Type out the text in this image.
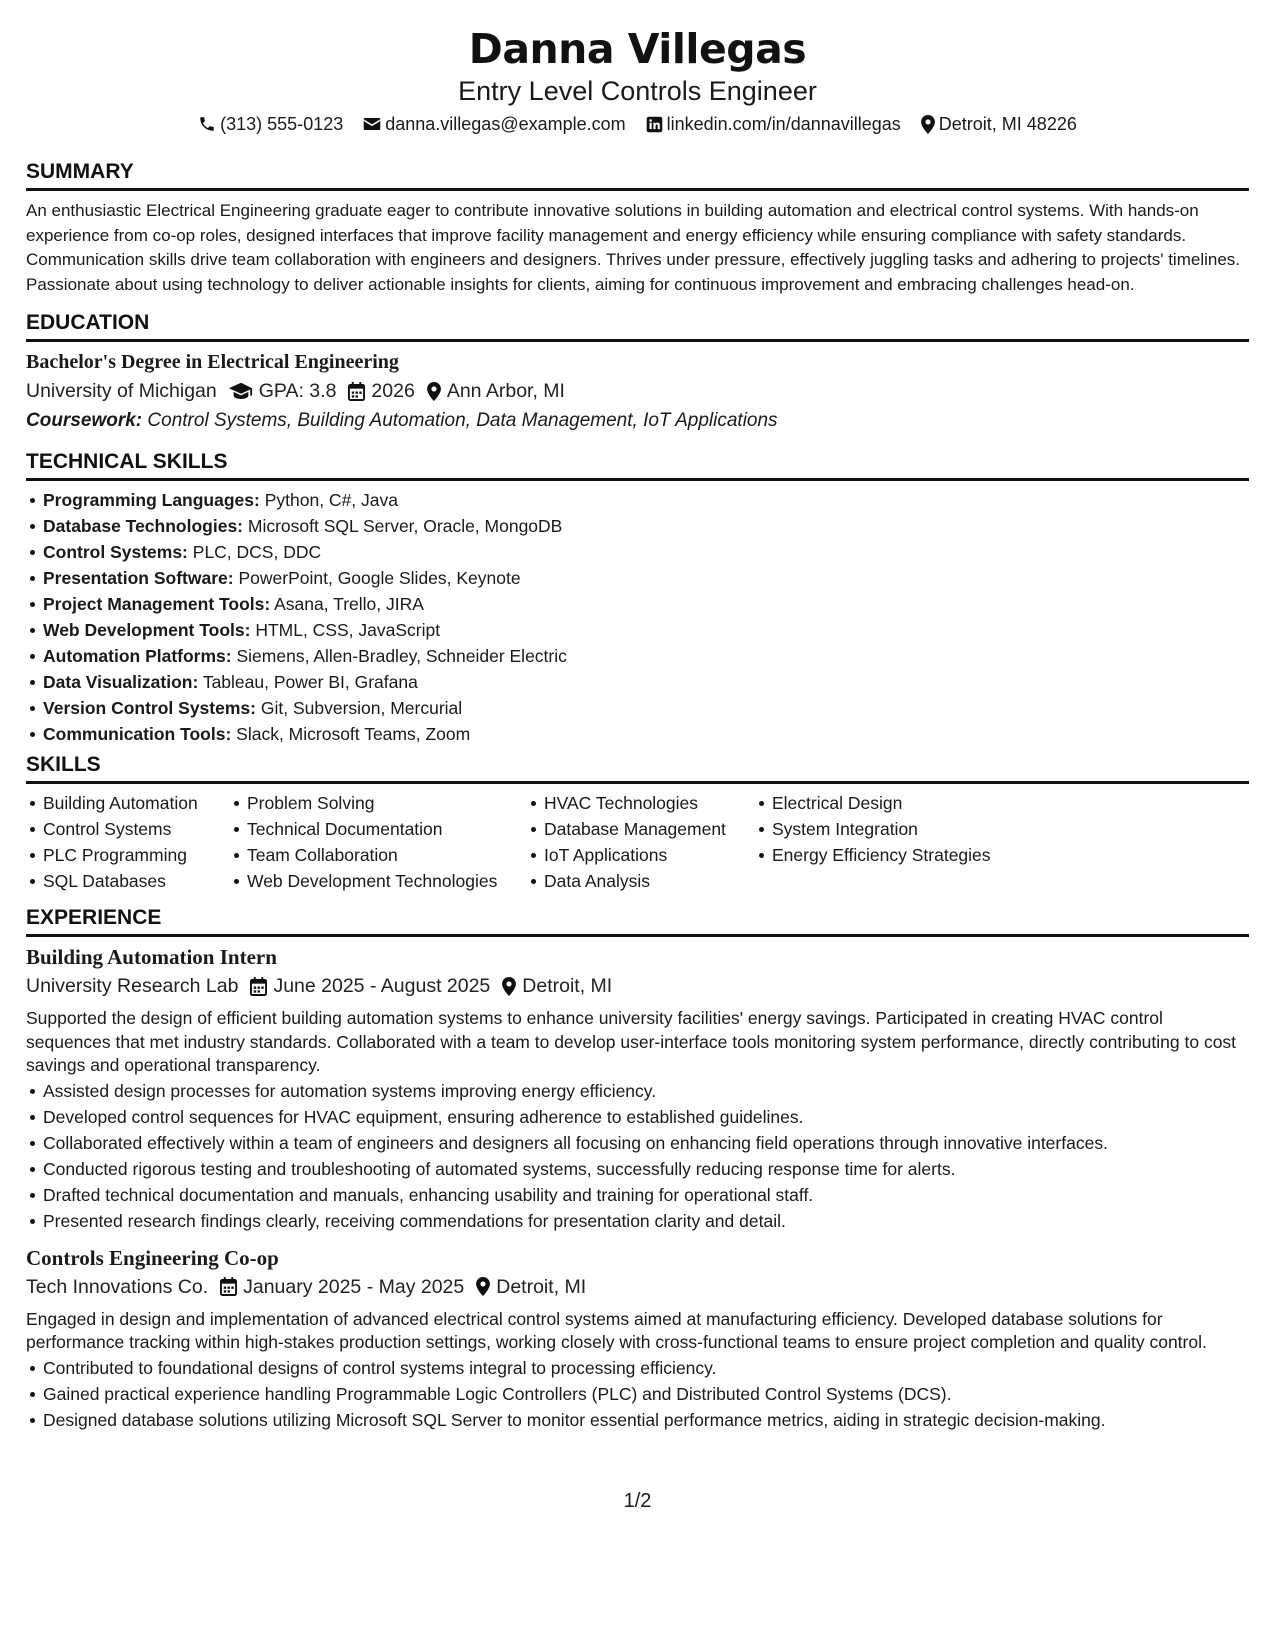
Danna Villegas
Entry Level Controls Engineer
(313) 555-0123 danna.villegas@example.com linkedin.com/in/dannavillegas Detroit, MI 48226
SUMMARY

An enthusiastic Electrical Engineering graduate eager to contribute innovative solutions in building automation and electrical control systems. With hands-on experience from co-op roles, designed interfaces that improve facility management and energy efficiency while ensuring compliance with safety standards. Communication skills drive team collaboration with engineers and designers. Thrives under pressure, effectively juggling tasks and adhering to projects' timelines. Passionate about using technology to deliver actionable insights for clients, aiming for continuous improvement and embracing challenges head-on.

EDUCATION
Bachelor's Degree in Electrical Engineering
University of Michigan GPA: 3.8 2026 Ann Arbor, MI
Coursework: Control Systems, Building Automation, Data Management, IoT Applications
TECHNICAL SKILLS
Programming Languages: Python, C#, Java
Database Technologies: Microsoft SQL Server, Oracle, MongoDB
Control Systems: PLC, DCS, DDC
Presentation Software: PowerPoint, Google Slides, Keynote
Project Management Tools: Asana, Trello, JIRA
Web Development Tools: HTML, CSS, JavaScript
Automation Platforms: Siemens, Allen-Bradley, Schneider Electric
Data Visualization: Tableau, Power BI, Grafana
Version Control Systems: Git, Subversion, Mercurial
Communication Tools: Slack, Microsoft Teams, Zoom
SKILLS
Building Automation
Control Systems
PLC Programming
SQL Databases
Problem Solving
Technical Documentation
Team Collaboration
Web Development Technologies
HVAC Technologies
Database Management
IoT Applications
Data Analysis
Electrical Design
System Integration
Energy Efficiency Strategies
EXPERIENCE
Building Automation Intern
University Research Lab June 2025 - August 2025 Detroit, MI

Supported the design of efficient building automation systems to enhance university facilities' energy savings. Participated in creating HVAC control sequences that met industry standards. Collaborated with a team to develop user-interface tools monitoring system performance, directly contributing to cost savings and operational transparency.

Assisted design processes for automation systems improving energy efficiency.
Developed control sequences for HVAC equipment, ensuring adherence to established guidelines.
Collaborated effectively within a team of engineers and designers all focusing on enhancing field operations through innovative interfaces.
Conducted rigorous testing and troubleshooting of automated systems, successfully reducing response time for alerts.
Drafted technical documentation and manuals, enhancing usability and training for operational staff.
Presented research findings clearly, receiving commendations for presentation clarity and detail.
Controls Engineering Co-op
Tech Innovations Co. January 2025 - May 2025 Detroit, MI

Engaged in design and implementation of advanced electrical control systems aimed at manufacturing efficiency. Developed database solutions for performance tracking within high-stakes production settings, working closely with cross-functional teams to ensure project completion and quality control.

Contributed to foundational designs of control systems integral to processing efficiency.
Gained practical experience handling Programmable Logic Controllers (PLC) and Distributed Control Systems (DCS).
Designed database solutions utilizing Microsoft SQL Server to monitor essential performance metrics, aiding in strategic decision-making.
1/2
